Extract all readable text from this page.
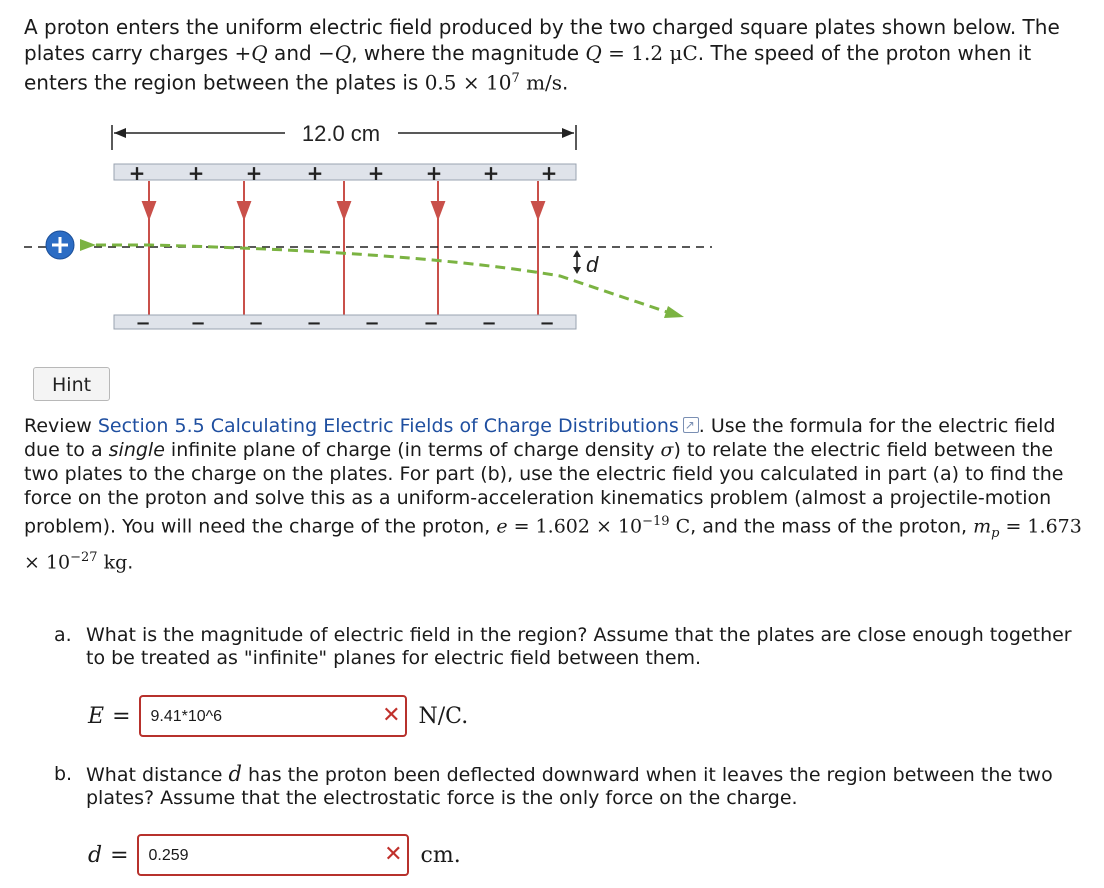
A proton enters the uniform electric field produced by the two charged square plates shown below. The plates carry charges +Q and −Q, where the magnitude Q = 1.2 μC. The speed of the proton when it enters the region between the plates is $0.5 \times 10^7$ m/s.
12.0 cm
+ + + + + + + +
d
− − − − − − − −
Hint
Review Section 5.5 Calculating Electric Fields of Charge Distributions↗ . Use the formula for the electric field due to a single infinite plane of charge (in terms of charge density σ) to relate the electric field between the two plates to the charge on the plates. For part (b), use the electric field you calculated in part (a) to find the force on the proton and solve this as a uniform-acceleration kinematics problem (almost a projectile-motion problem). You will need the charge of the proton, $e = 1.602 \times 10^{-19}$ C, and the mass of the proton, $m_p = 1.673 \times 10^{-27}$ kg.
a. What is the magnitude of electric field in the region? Assume that the plates are close enough together to be treated as "infinite" planes for electric field between them.
E =
9.41*10^6	✕ N/C.
b. What distance d has the proton been deflected downward when it leaves the region between the two plates? Assume that the electrostatic force is the only force on the charge.
d =
0.259	✕ cm.
